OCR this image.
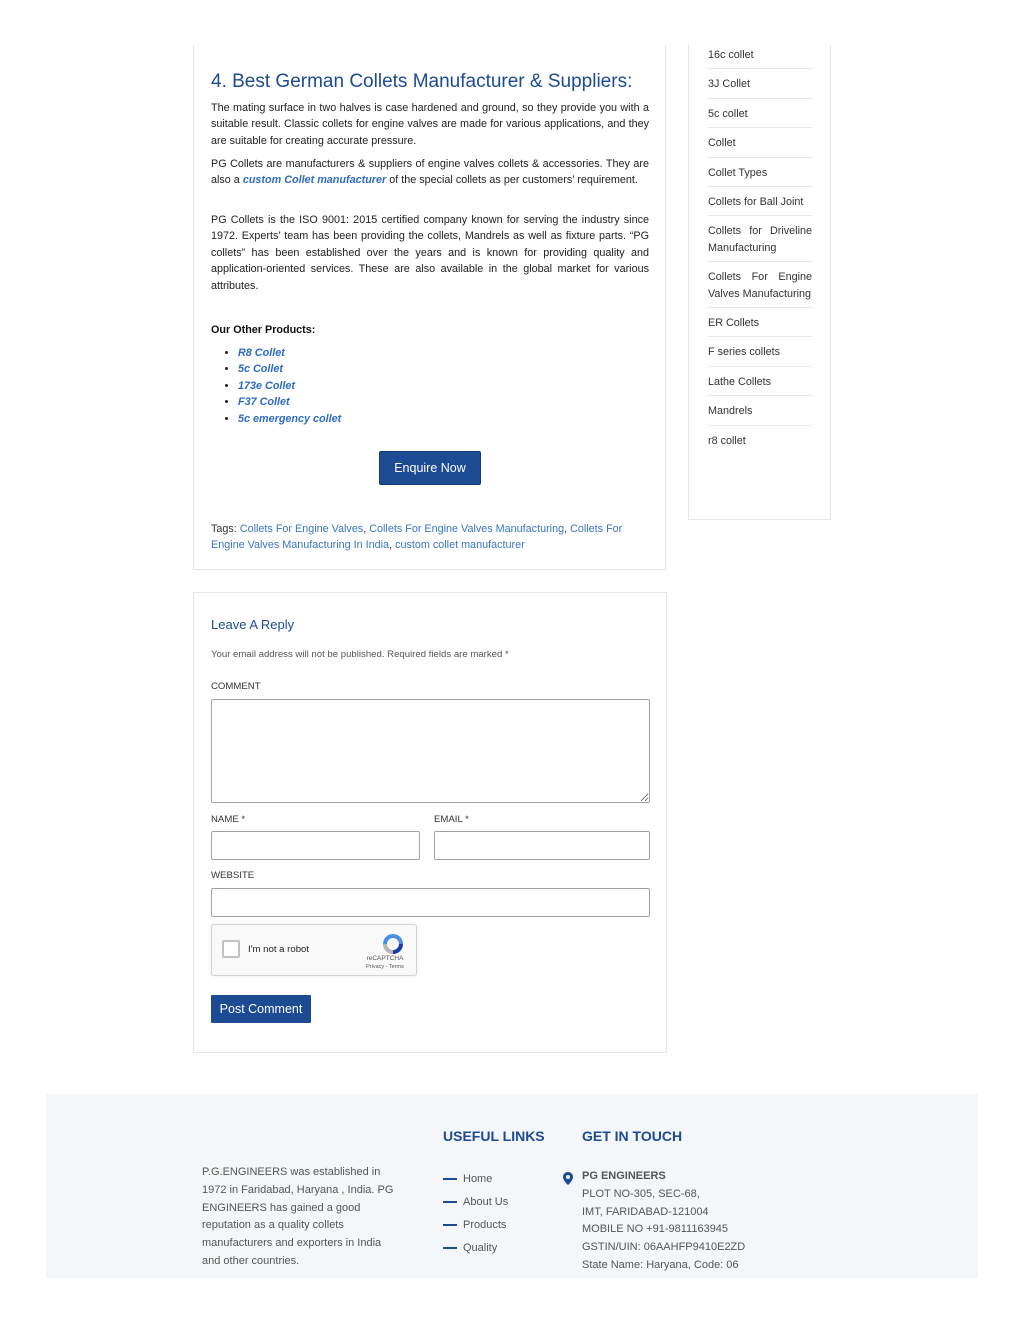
4. Best German Collets Manufacturer & Suppliers:

The mating surface in two halves is case hardened and ground, so they provide you with a suitable result. Classic collets for engine valves are made for various applications, and they are suitable for creating accurate pressure.

PG Collets are manufacturers & suppliers of engine valves collets & accessories. They are also a custom Collet manufacturer of the special collets as per customers’ requirement.

PG Collets is the ISO 9001: 2015 certified company known for serving the industry since 1972. Experts’ team has been providing the collets, Mandrels as well as fixture parts. “PG collets” has been established over the years and is known for providing quality and application-oriented services. These are also available in the global market for various attributes.

Our Other Products:
• R8 Collet
• 5c Collet
• 173e Collet
• F37 Collet
• 5c emergency collet
Enquire Now
Tags: Collets For Engine Valves, Collets For Engine Valves Manufacturing, Collets For Engine Valves Manufacturing In India, custom collet manufacturer
16c collet
3J Collet
5c collet
Collet
Collet Types
Collets for Ball Joint
Collets for Driveline Manufacturing
Collets For Engine Valves Manufacturing
ER Collets
F series collets
Lathe Collets
Mandrels
r8 collet
Leave A Reply
Your email address will not be published. Required fields are marked *
COMMENT
NAME *	EMAIL *
WEBSITE
I'm not a robot
reCAPTCHA
Privacy - Terms
Post Comment

P.G.ENGINEERS was established in 1972 in Faridabad, Haryana , India. PG ENGINEERS has gained a good reputation as a quality collets manufacturers and exporters in India and other countries.

USEFUL LINKS
Home
About Us
Products
Quality
GET IN TOUCH
PG ENGINEERS
PLOT NO-305, SEC-68,
IMT, FARIDABAD-121004
MOBILE NO +91-9811163945
GSTIN/UIN: 06AAHFP9410E2ZD
State Name: Haryana, Code: 06
